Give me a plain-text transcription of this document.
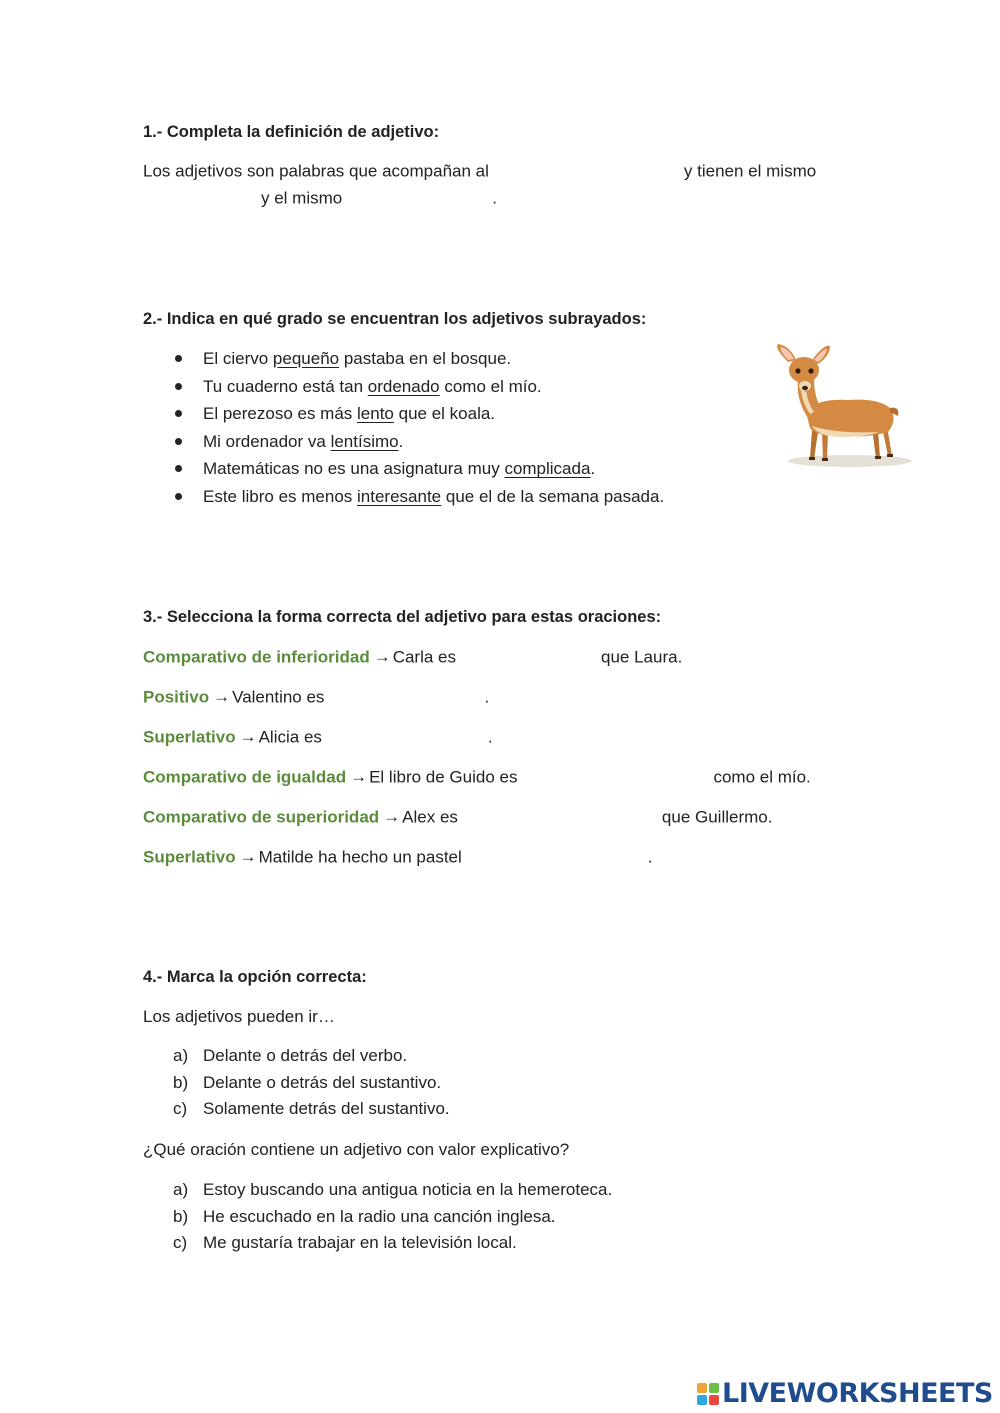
1.- Completa la definición de adjetivo:
Los adjetivos son palabras que acompañan al	y tienen el mismo
y el mismo	.
2.- Indica en qué grado se encuentran los adjetivos subrayados:
El ciervo pequeño pastaba en el bosque.
Tu cuaderno está tan ordenado como el mío.
El perezoso es más lento que el koala.
Mi ordenador va lentísimo.
Matemáticas no es una asignatura muy complicada.
Este libro es menos interesante que el de la semana pasada.
3.- Selecciona la forma correcta del adjetivo para estas oraciones:
Comparativo de inferioridad → Carla es	que Laura.
Positivo → Valentino es	.
Superlativo → Alicia es	.
Comparativo de igualdad → El libro de Guido es	como el mío.
Comparativo de superioridad → Alex es	que Guillermo.
Superlativo → Matilde ha hecho un pastel	.
4.- Marca la opción correcta:
Los adjetivos pueden ir…
a) Delante o detrás del verbo.
b) Delante o detrás del sustantivo.
c) Solamente detrás del sustantivo.
¿Qué oración contiene un adjetivo con valor explicativo?
a) Estoy buscando una antigua noticia en la hemeroteca.
b) He escuchado en la radio una canción inglesa.
c) Me gustaría trabajar en la televisión local.
LIVEWORKSHEETS
